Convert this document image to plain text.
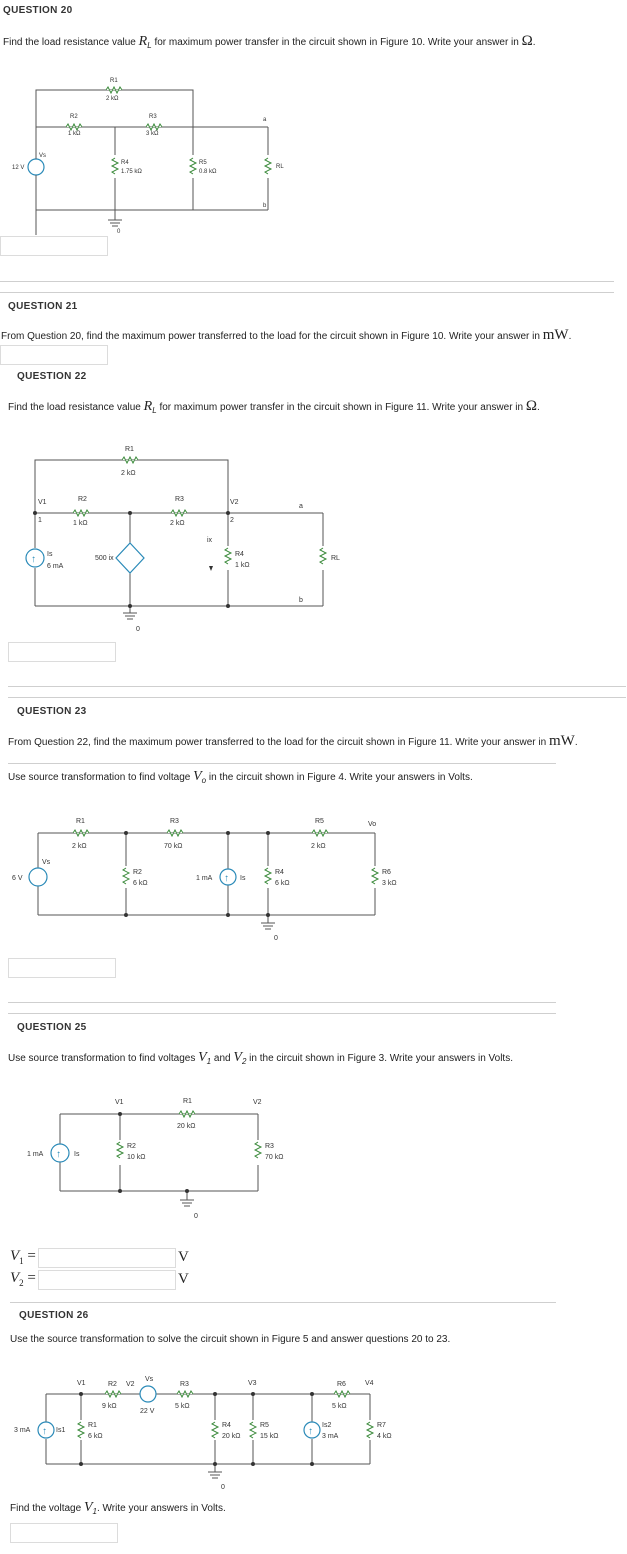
QUESTION 20
Find the load resistance value $R_L$ for maximum power transfer in the circuit shown in Figure 10. Write your answer in Ω.
R1
2 kΩ
R2
1 kΩ
R3
3 kΩ
R4
1.75 kΩ
R5
0.8 kΩ
RL
a
b
12 V
Vs
0
QUESTION 21
From Question 20, find the maximum power transferred to the load for the circuit shown in Figure 10. Write your answer in mW.
QUESTION 22
Find the load resistance value $R_L$ for maximum power transfer in the circuit shown in Figure 11. Write your answer in Ω.
↑
R1
2 kΩ
R2
1 kΩ
R3
2 kΩ
R4
1 kΩ
RL
V1
1
V2
2
Is
6 mA
500 ix
ix
a
b
0
QUESTION 23
From Question 22, find the maximum power transferred to the load for the circuit shown in Figure 11. Write your answer in mW.
Use source transformation to find voltage $V_o$ in the circuit shown in Figure 4. Write your answers in Volts.
↑
R1
2 kΩ
R3
70 kΩ
R5
2 kΩ
R2
6 kΩ
R4
6 kΩ
R6
3 kΩ
6 V
Vs
1 mA	Is
Vo
0
QUESTION 25
Use source transformation to find voltages $V_1$ and $V_2$ in the circuit shown in Figure 3. Write your answers in Volts.
↑
R1
20 kΩ
R2
10 kΩ
R3
70 kΩ
V1	V2
1 mA	Is
0
$V_1$ =	V
$V_2$ =	V
QUESTION 26
Use the source transformation to solve the circuit shown in Figure 5 and answer questions 20 to 23.
↑	↑
V1	R2
9 kΩ
V2
Vs
22 V
R3
5 kΩ
V3	R6
5 kΩ
V4
R1
6 kΩ
R4
20 kΩ
R5
15 kΩ
R7
4 kΩ
3 mA	Is1
Is2
3 mA
0
Find the voltage $V_1$. Write your answers in Volts.
